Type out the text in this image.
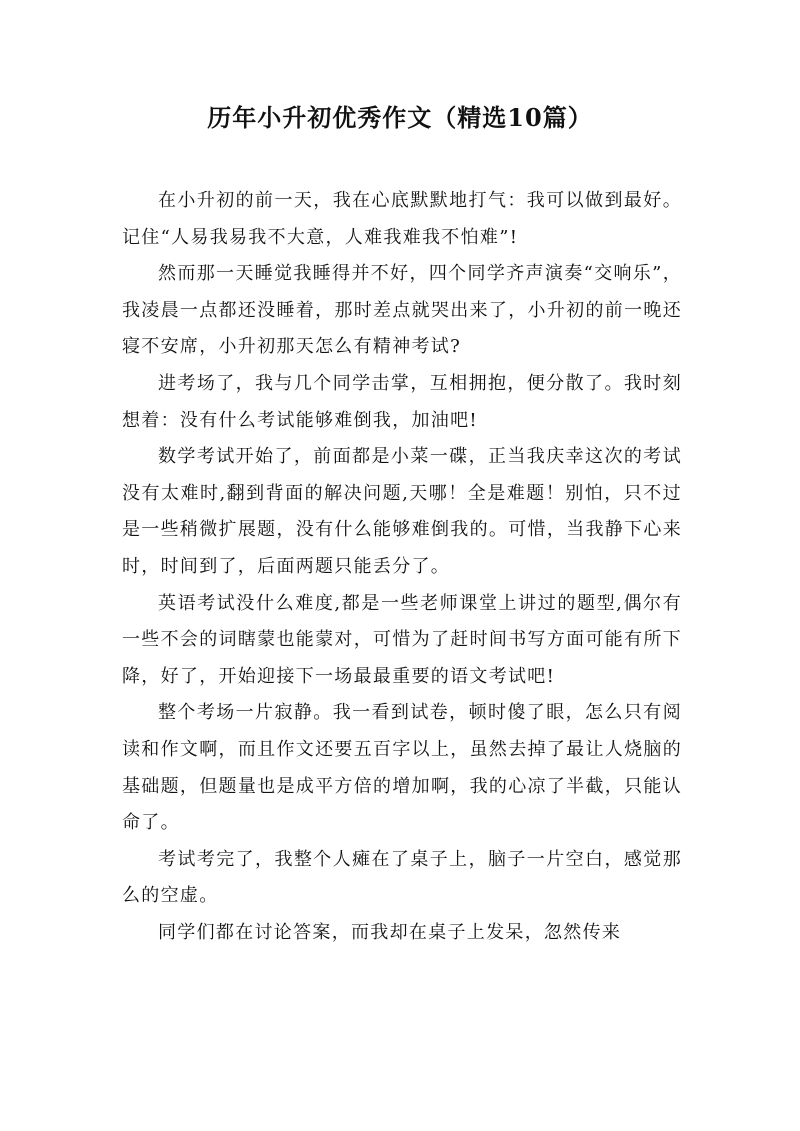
历年小升初优秀作文（精选10篇）

在小升初的前一天，我在心底默默地打气：我可以做到最好。记住“人易我易我不大意，人难我难我不怕难”!

然而那一天睡觉我睡得并不好，四个同学齐声演奏“交响乐”，我凌晨一点都还没睡着，那时差点就哭出来了，小升初的前一晚还寝不安席，小升初那天怎么有精神考试?

进考场了，我与几个同学击掌，互相拥抱，便分散了。我时刻想着：没有什么考试能够难倒我，加油吧!

数学考试开始了，前面都是小菜一碟，正当我庆幸这次的考试没有太难时,翻到背面的解决问题,天哪！全是难题！别怕，只不过是一些稍微扩展题，没有什么能够难倒我的。可惜，当我静下心来时，时间到了，后面两题只能丢分了。

英语考试没什么难度,都是一些老师课堂上讲过的题型,偶尔有一些不会的词瞎蒙也能蒙对，可惜为了赶时间书写方面可能有所下降，好了，开始迎接下一场最最重要的语文考试吧!

整个考场一片寂静。我一看到试卷，顿时傻了眼，怎么只有阅读和作文啊，而且作文还要五百字以上，虽然去掉了最让人烧脑的基础题，但题量也是成平方倍的增加啊，我的心凉了半截，只能认命了。

考试考完了，我整个人瘫在了桌子上，脑子一片空白，感觉那么的空虚。

同学们都在讨论答案，而我却在桌子上发呆，忽然传来
